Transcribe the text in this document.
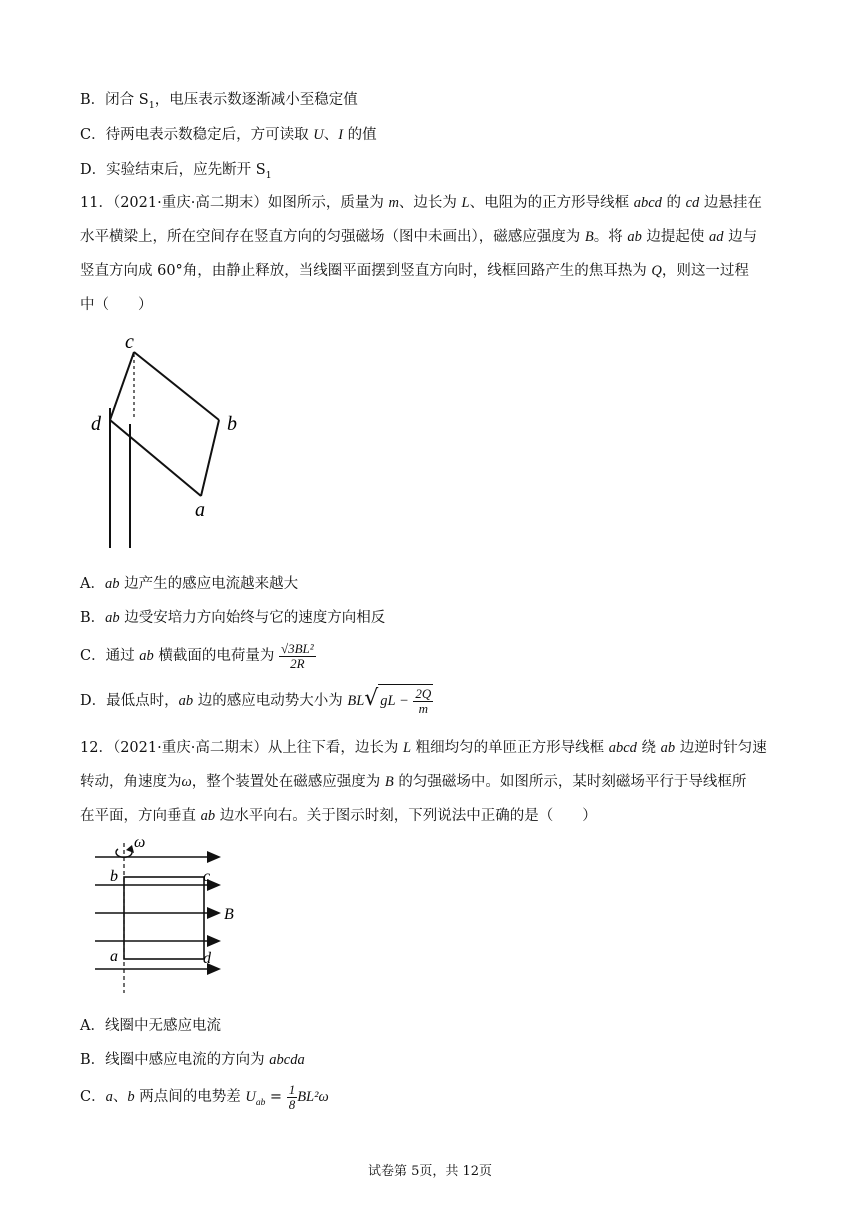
B．闭合 $S_1$，电压表示数逐渐减小至稳定值
C．待两电表示数稳定后，方可读取 U、I 的值
D．实验结束后，应先断开 $S_1$
11．（2021·重庆·高二期末）如图所示，质量为 m、边长为 L、电阻为的正方形导线框 abcd 的 cd 边悬挂在
水平横梁上，所在空间存在竖直方向的匀强磁场（图中未画出），磁感应强度为 B。将 ab 边提起使 ad 边与
竖直方向成 60°角，由静止释放，当线圈平面摆到竖直方向时，线框回路产生的焦耳热为 Q，则这一过程
中（　　）
c
d	b
a
A．ab 边产生的感应电流越来越大
B．ab 边受安培力方向始终与它的速度方向相反
C．通过 ab 横截面的电荷量为 $\frac{\text{√3BL²}}{2R}$
D．最低点时，ab 边的感应电动势大小为 BL√ gL − $\frac{2Q}{m}$
12．（2021·重庆·高二期末）从上往下看，边长为 L 粗细均匀的单匝正方形导线框 abcd 绕 ab 边逆时针匀速
转动，角速度为ω，整个装置处在磁感应强度为 B 的匀强磁场中。如图所示，某时刻磁场平行于导线框所
在平面，方向垂直 ab 边水平向右。关于图示时刻，下列说法中正确的是（　　）
ω
b	c
B
a	d
A．线圈中无感应电流
B．线圈中感应电流的方向为 abcda
C．a、b 两点间的电势差 $U_{ab} = \frac{1}{8} BL^2\omega$
试卷第 5页，共 12页
